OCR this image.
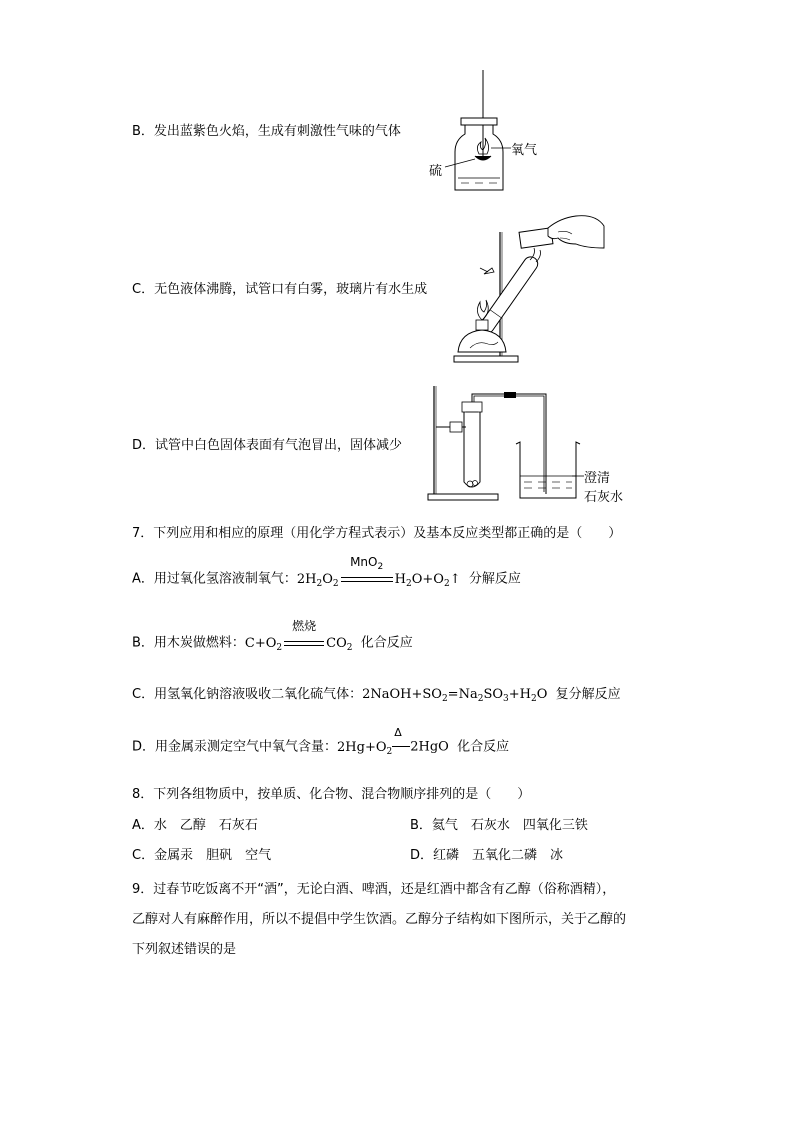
B．发出蓝紫色火焰，生成有刺激性气味的气体
氧气
硫
C．无色液体沸腾，试管口有白雾，玻璃片有水生成
D．试管中白色固体表面有气泡冒出，固体减少
澄清
石灰水
7．下列应用和相应的原理（用化学方程式表示）及基本反应类型都正确的是（　　）
A．用过氧化氢溶液制氧气：$2H_2O_2$
MnO$_2$
$H_2O+O_2↑$ 分解反应
B．用木炭做燃料：$C+O_2$
燃烧
$CO_2$ 化合反应
C．用氢氧化钠溶液吸收二氧化硫气体：$2NaOH+SO_2=Na_2SO_3+H_2O$ 复分解反应
D．用金属汞测定空气中氧气含量：$2Hg+O_2$
Δ
2HgO 化合反应
8．下列各组物质中，按单质、化合物、混合物顺序排列的是（　　）
A．水　乙醇　石灰石	B．氦气　石灰水　四氧化三铁
C．金属汞　胆矾　空气	D．红磷　五氧化二磷　冰
9．过春节吃饭离不开“酒”，无论白酒、啤酒，还是红酒中都含有乙醇（俗称酒精），
乙醇对人有麻醉作用，所以不提倡中学生饮酒。乙醇分子结构如下图所示，关于乙醇的
下列叙述错误的是
